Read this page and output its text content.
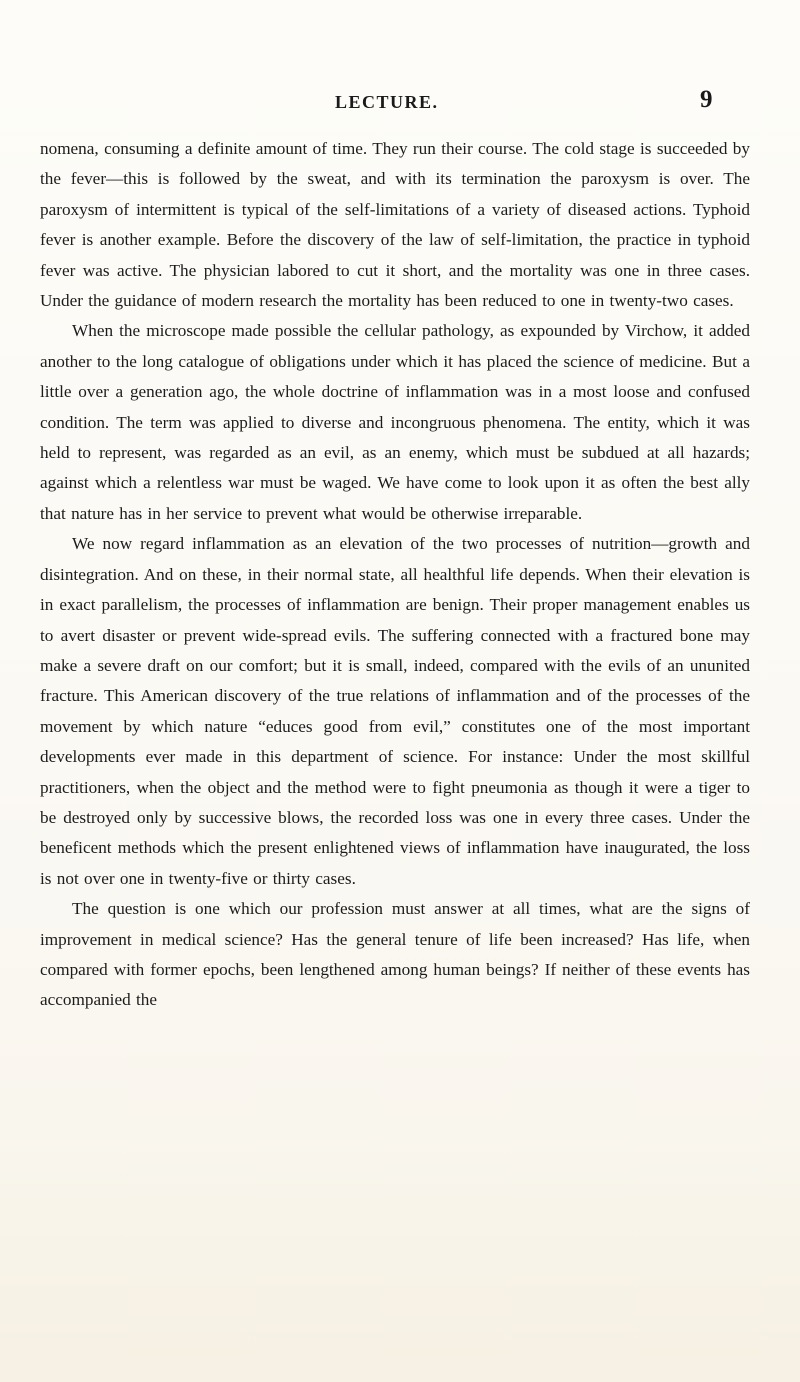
LECTURE.	9

nomena, consuming a definite amount of time. They run their course. The cold stage is succeeded by the fever—this is followed by the sweat, and with its termination the paroxysm is over. The paroxysm of intermittent is typical of the self-limitations of a variety of diseased actions. Typhoid fever is another example. Before the discovery of the law of self-limitation, the practice in typhoid fever was active. The physician labored to cut it short, and the mortality was one in three cases. Under the guidance of modern research the mortality has been reduced to one in twenty-two cases.

When the microscope made possible the cellular pathology, as expounded by Virchow, it added another to the long catalogue of obligations under which it has placed the science of medicine. But a little over a generation ago, the whole doctrine of inflammation was in a most loose and confused condition. The term was applied to diverse and incongruous phenomena. The entity, which it was held to represent, was regarded as an evil, as an enemy, which must be subdued at all hazards; against which a relentless war must be waged. We have come to look upon it as often the best ally that nature has in her service to prevent what would be otherwise irreparable.

We now regard inflammation as an elevation of the two processes of nutrition—growth and disintegration. And on these, in their normal state, all healthful life depends. When their elevation is in exact parallelism, the processes of inflammation are benign. Their proper management enables us to avert disaster or prevent wide-spread evils. The suffering connected with a fractured bone may make a severe draft on our comfort; but it is small, indeed, compared with the evils of an ununited fracture. This American discovery of the true relations of inflammation and of the processes of the movement by which nature “educes good from evil,” constitutes one of the most important developments ever made in this department of science. For instance: Under the most skillful practitioners, when the object and the method were to fight pneumonia as though it were a tiger to be destroyed only by successive blows, the recorded loss was one in every three cases. Under the beneficent methods which the present enlightened views of inflammation have inaugurated, the loss is not over one in twenty-five or thirty cases.

The question is one which our profession must answer at all times, what are the signs of improvement in medical science? Has the general tenure of life been increased? Has life, when compared with former epochs, been lengthened among human beings? If neither of these events has accompanied the
